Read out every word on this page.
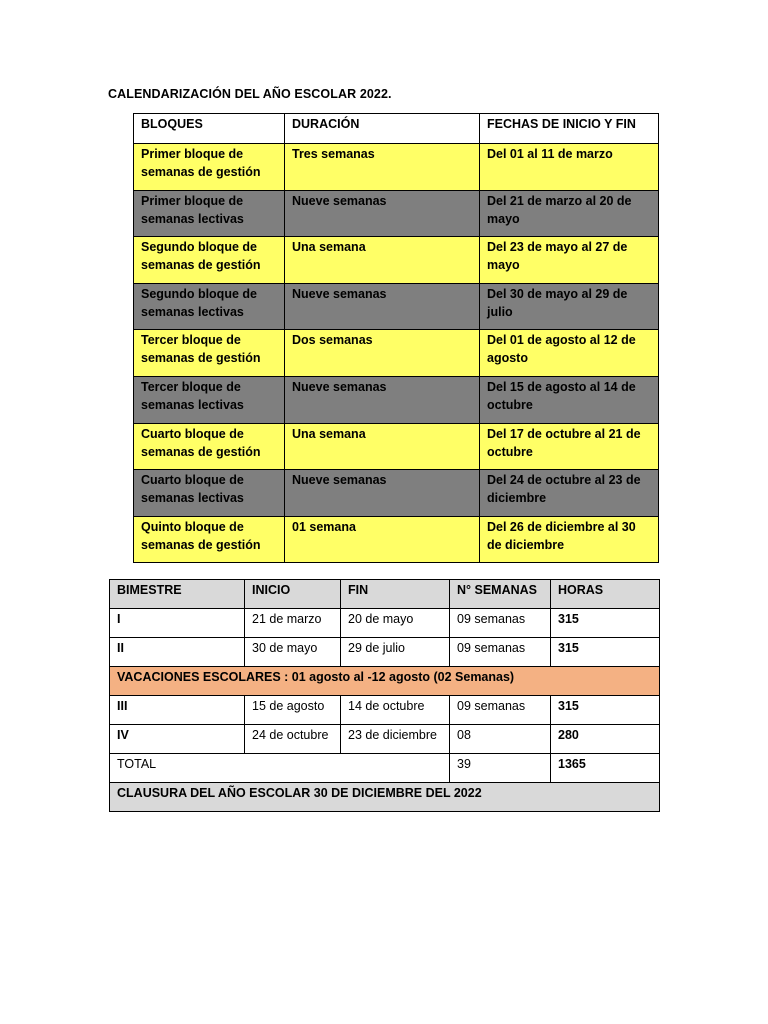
CALENDARIZACIÓN DEL AÑO ESCOLAR 2022.
BLOQUES	DURACIÓN	FECHAS DE INICIO Y FIN
Primer bloque de semanas de gestión	Tres semanas	Del 01 al 11 de marzo
Primer bloque de semanas lectivas	Nueve semanas	Del 21 de marzo al 20 de mayo
Segundo bloque de semanas de gestión	Una semana	Del 23 de mayo al 27 de mayo
Segundo bloque de semanas lectivas	Nueve semanas	Del 30 de mayo al 29 de julio
Tercer bloque de semanas de gestión	Dos semanas	Del 01 de agosto al 12 de agosto
Tercer bloque de semanas lectivas	Nueve semanas	Del 15 de agosto al 14 de octubre
Cuarto bloque de semanas de gestión	Una semana	Del 17 de octubre al 21 de octubre
Cuarto bloque de semanas lectivas	Nueve semanas	Del 24 de octubre al 23 de diciembre
Quinto bloque de semanas de gestión	01 semana	Del 26 de diciembre al 30 de diciembre
BIMESTRE	INICIO	FIN	N° SEMANAS	HORAS
I	21 de marzo	20 de mayo	09 semanas	315
II	30 de mayo	29 de julio	09 semanas	315
VACACIONES ESCOLARES : 01 agosto al -12 agosto (02 Semanas)				
III	15 de agosto	14 de octubre	09 semanas	315
IV	24 de octubre	23 de diciembre	08	280
TOTAL			39	1365
CLAUSURA DEL AÑO ESCOLAR 30 DE DICIEMBRE DEL 2022				
